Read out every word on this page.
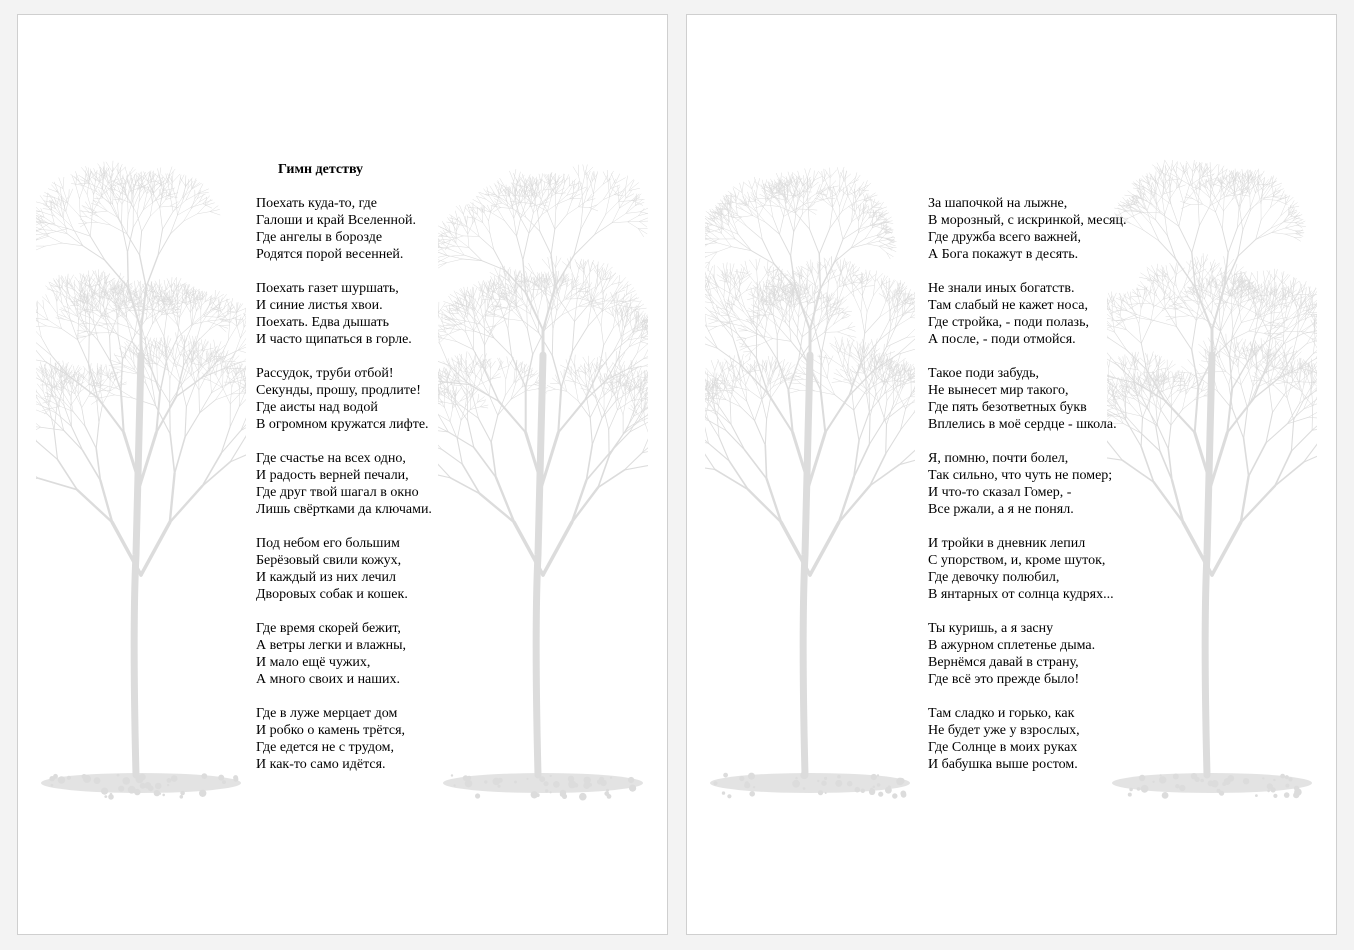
Гимн детству
Поехать куда-то, где
Галоши и край Вселенной.
Где ангелы в борозде
Родятся порой весенней.
Поехать газет шуршать,
И синие листья хвои.
Поехать. Едва дышать
И часто щипаться в горле.
Рассудок, труби отбой!
Секунды, прошу, продлите!
Где аисты над водой
В огромном кружатся лифте.
Где счастье на всех одно,
И радость верней печали,
Где друг твой шагал в окно
Лишь свёртками да ключами.
Под небом его большим
Берёзовый свили кожух,
И каждый из них лечил
Дворовых собак и кошек.
Где время скорей бежит,
А ветры легки и влажны,
И мало ещё чужих,
А много своих и наших.
Где в луже мерцает дом
И робко о камень трётся,
Где едется не с трудом,
И как-то само идётся.
За шапочкой на лыжне,
В морозный, с искринкой, месяц.
Где дружба всего важней,
А Бога покажут в десять.
Не знали иных богатств.
Там слабый не кажет носа,
Где стройка, - поди полазь,
А после, - поди отмойся.
Такое поди забудь,
Не вынесет мир такого,
Где пять безответных букв
Вплелись в моё сердце - школа.
Я, помню, почти болел,
Так сильно, что чуть не помер;
И что-то сказал Гомер, -
Все ржали, а я не понял.
И тройки в дневник лепил
С упорством, и, кроме шуток,
Где девочку полюбил,
В янтарных от солнца кудрях...
Ты куришь, а я засну
В ажурном сплетенье дыма.
Вернёмся давай в страну,
Где всё это прежде было!
Там сладко и горько, как
Не будет уже у взрослых,
Где Солнце в моих руках
И бабушка выше ростом.
